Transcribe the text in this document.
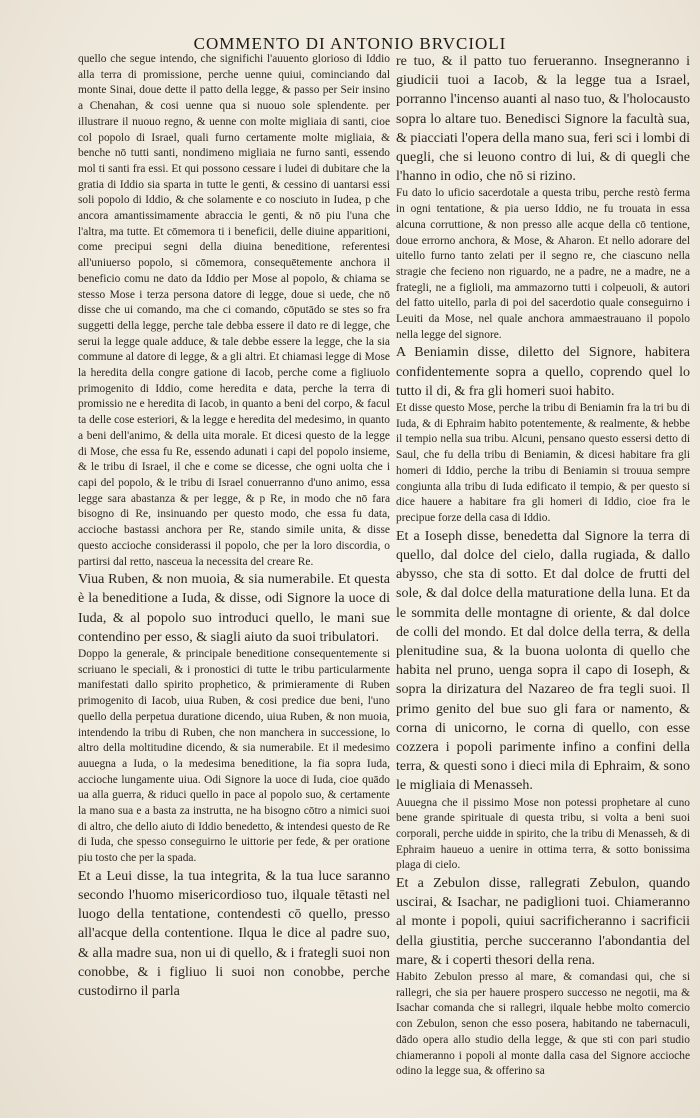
COMMENTO DI ANTONIO BRVCIOLI

quello che segue intendo, che significhi l'auuento glorioso di Iddio alla terra di promissione, perche uenne quiui, cominciando dal monte Sinai, doue dette il patto della legge, & passo per Seir insino a Chenahan, & cosi uenne qua si nuouo sole splendente. per illustrare il nuouo regno, & uenne con molte migliaia di santi, cioe col popolo di Israel, quali furno certamente molte migliaia, & benche nō tutti santi, nondimeno migliaia ne furno santi, essendo mol ti santi fra essi. Et qui possono cessare i ludei di dubitare che la gratia di Iddio sia sparta in tutte le genti, & cessino di uantarsi essi soli popolo di Iddio, & che solamente e co nosciuto in Iudea, p che ancora amantissimamente abraccia le genti, & nō piu l'una che l'altra, ma tutte. Et cōmemora ti i beneficii, delle diuine apparitioni, come precipui segni della diuina beneditione, referentesi all'uniuerso popolo, si cōmemora, consequētemente anchora il beneficio comu ne dato da Iddio per Mose al popolo, & chiama se stesso Mose i terza persona datore di legge, doue si uede, che nō disse che ui comando, ma che ci comando, cōputādo se stes so fra suggetti della legge, perche tale debba essere il dato re di legge, che serui la legge quale adduce, & tale debbe essere la legge, che la sia commune al datore di legge, & a gli altri. Et chiamasi legge di Mose la heredita della congre gatione di Iacob, perche come a figliuolo primogenito di Iddio, come heredita e data, perche la terra di promissio ne e heredita di Iacob, in quanto a beni del corpo, & facul ta delle cose esteriori, & la legge e heredita del medesimo, in quanto a beni dell'animo, & della uita morale. Et dicesi questo de la legge di Mose, che essa fu Re, essendo adunati i capi del popolo insieme, & le tribu di Israel, il che e come se dicesse, che ogni uolta che i capi del popolo, & le tribu di Israel conuerranno d'uno animo, essa legge sara abastanza & per legge, & p Re, in modo che nō fara bisogno di Re, insinuando per questo modo, che essa fu data, accioche bastassi anchora per Re, stando simile unita, & disse questo accioche considerassi il popolo, che per la loro discordia, o partirsi dal retto, nasceua la necessita del creare Re.

Viua Ruben, & non muoia, & sia numerabile. Et questa è la beneditione a Iuda, & disse, odi Signore la uoce di Iuda, & al popolo suo introduci quello, le mani sue contendino per esso, & siagli aiuto da suoi tribulatori.

Doppo la generale, & principale beneditione consequentemente si scriuano le speciali, & i pronostici di tutte le tribu particularmente manifestati dallo spirito prophetico, & primieramente di Ruben primogenito di Iacob, uiua Ruben, & cosi predice due beni, l'uno quello della perpetua duratione dicendo, uiua Ruben, & non muoia, intendendo la tribu di Ruben, che non manchera in successione, lo altro della moltitudine dicendo, & sia numerabile. Et il medesimo auuegna a Iuda, o la medesima beneditione, la fia sopra Iuda, accioche lungamente uiua. Odi Signore la uoce di Iuda, cioe quādo ua alla guerra, & riduci quello in pace al popolo suo, & certamente la mano sua e a basta za instrutta, ne ha bisogno cōtro a nimici suoi di altro, che dello aiuto di Iddio benedetto, & intendesi questo de Re di Iuda, che spesso conseguirno le uittorie per fede, & per oratione piu tosto che per la spada.

Et a Leui disse, la tua integrita, & la tua luce saranno secondo l'huomo misericordioso tuo, ilquale tētasti nel luogo della tentatione, contendesti cō quello, presso all'acque della contentione. Ilqua le dice al padre suo, & alla madre sua, non ui di quello, & i frategli suoi non conobbe, & i figliuo li suoi non conobbe, perche custodirno il parla

re tuo, & il patto tuo ferueranno. Insegneranno i giudicii tuoi a Iacob, & la legge tua a Israel, porranno l'incenso auanti al naso tuo, & l'holocausto sopra lo altare tuo. Benedisci Signore la facultà sua, & piacciati l'opera della mano sua, feri sci i lombi di quegli, che si leuono contro di lui, & di quegli che l'hanno in odio, che nō si rizino.

Fu dato lo uficio sacerdotale a questa tribu, perche restò ferma in ogni tentatione, & pia uerso Iddio, ne fu trouata in essa alcuna corruttione, & non presso alle acque della cō tentione, doue errorno anchora, & Mose, & Aharon. Et nello adorare del uitello furno tanto zelati per il segno re, che ciascuno nella stragie che fecieno non riguardo, ne a padre, ne a madre, ne a frategli, ne a figlioli, ma ammazorno tutti i colpeuoli, & autori del fatto uitello, parla di poi del sacerdotio quale conseguirno i Leuiti da Mose, nel quale anchora ammaestrauano il popolo nella legge del signore.

A Beniamin disse, diletto del Signore, habitera confidentemente sopra a quello, coprendo quel lo tutto il di, & fra gli homeri suoi habito.

Et disse questo Mose, perche la tribu di Beniamin fra la tri bu di Iuda, & di Ephraim habito potentemente, & realmente, & hebbe il tempio nella sua tribu. Alcuni, pensano questo essersi detto di Saul, che fu della tribu di Beniamin, & dicesi habitare fra gli homeri di Iddio, perche la tribu di Beniamin si trouua sempre congiunta alla tribu di Iuda edificato il tempio, & per questo si dice hauere a habitare fra gli homeri di Iddio, cioe fra le precipue forze della casa di Iddio.

Et a Ioseph disse, benedetta dal Signore la terra di quello, dal dolce del cielo, dalla rugiada, & dallo abysso, che sta di sotto. Et dal dolce de frutti del sole, & dal dolce della maturatione della luna. Et da le sommita delle montagne di oriente, & dal dolce de colli del mondo. Et dal dolce della terra, & della plenitudine sua, & la buona uolonta di quello che habita nel pruno, uenga sopra il capo di Ioseph, & sopra la dirizatura del Nazareo de fra tegli suoi. Il primo genito del bue suo gli fara or namento, & corna di unicorno, le corna di quello, con esse cozzera i popoli parimente infino a confini della terra, & questi sono i dieci mila di Ephraim, & sono le migliaia di Menasseh.

Auuegna che il pissimo Mose non potessi prophetare al cuno bene grande spirituale di questa tribu, si volta a beni suoi corporali, perche uidde in spirito, che la tribu di Menasseh, & di Ephraim haueuo a uenire in ottima terra, & sotto bonissima plaga di cielo.

Et a Zebulon disse, rallegrati Zebulon, quando uscirai, & Isachar, ne padiglioni tuoi. Chiameranno al monte i popoli, quiui sacrificheranno i sacrificii della giustitia, perche succeranno l'abondantia del mare, & i coperti thesori della rena.

Habito Zebulon presso al mare, & comandasi qui, che si rallegri, che sia per hauere prospero successo ne negotii, ma & Isachar comanda che si rallegri, ilquale hebbe molto comercio con Zebulon, senon che esso posera, habitando ne tabernaculi, dādo opera allo studio della legge, & que sti con pari studio chiameranno i popoli al monte dalla casa del Signore accioche odino la legge sua, & offerino sa
